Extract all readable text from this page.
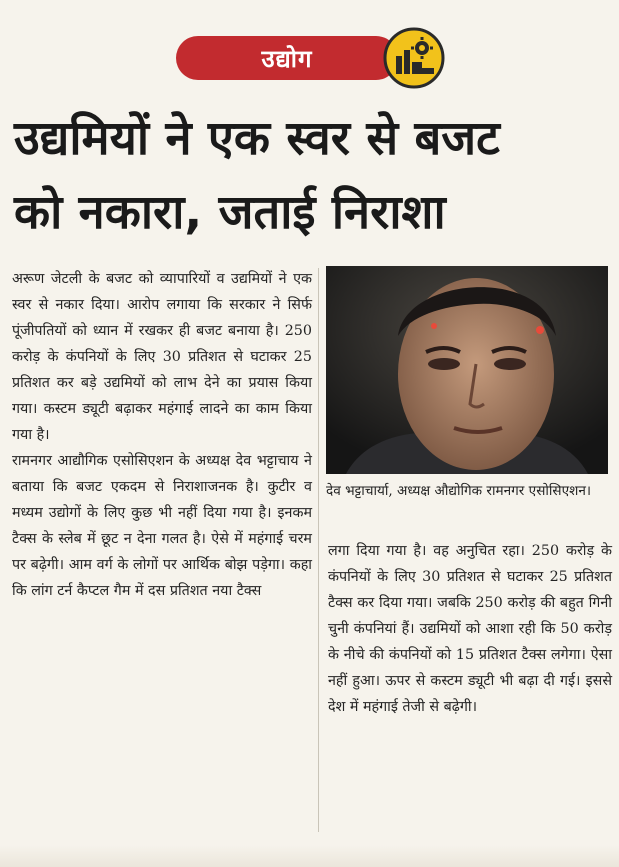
उद्योग
उद्यमियों ने एक स्वर से बजट
को नकारा, जताई निराशा

अरूण जेटली के बजट को व्यापारियों व उद्यमियों ने एक स्वर से नकार दिया। आरोप लगाया कि सरकार ने सिर्फ पूंजीपतियों को ध्यान में रखकर ही बजट बनाया है। 250 करोड़ के कंपनियों के लिए 30 प्रतिशत से घटाकर 25 प्रतिशत कर बड़े उद्यमियों को लाभ देने का प्रयास किया गया। कस्टम ड्यूटी बढ़ाकर महंगाई लादने का काम किया गया है।

रामनगर आद्यौगिक एसोसिएशन के अध्यक्ष देव भट्टाचाय ने बताया कि बजट एकदम से निराशाजनक है। कुटीर व मध्यम उद्योगों के लिए कुछ भी नहीं दिया गया है। इनकम टैक्स के स्लेब में छूट न देना गलत है। ऐसे में महंगाई चरम पर बढ़ेगी। आम वर्ग के लोगों पर आर्थिक बोझ पड़ेगा। कहा कि लांग टर्न कैप्टल गैम में दस प्रतिशत नया टैक्स

देव भट्टाचार्या, अध्यक्ष औद्योगिक रामनगर एसोसिएशन।

लगा दिया गया है। वह अनुचित रहा। 250 करोड़ के कंपनियों के लिए 30 प्रतिशत से घटाकर 25 प्रतिशत टैक्स कर दिया गया। जबकि 250 करोड़ की बहुत गिनी चुनी कंपनियां हैं। उद्यमियों को आशा रही कि 50 करोड़ के नीचे की कंपनियों को 15 प्रतिशत टैक्स लगेगा। ऐसा नहीं हुआ। ऊपर से कस्टम ड्यूटी भी बढ़ा दी गई। इससे देश में महंगाई तेजी से बढ़ेगी।
